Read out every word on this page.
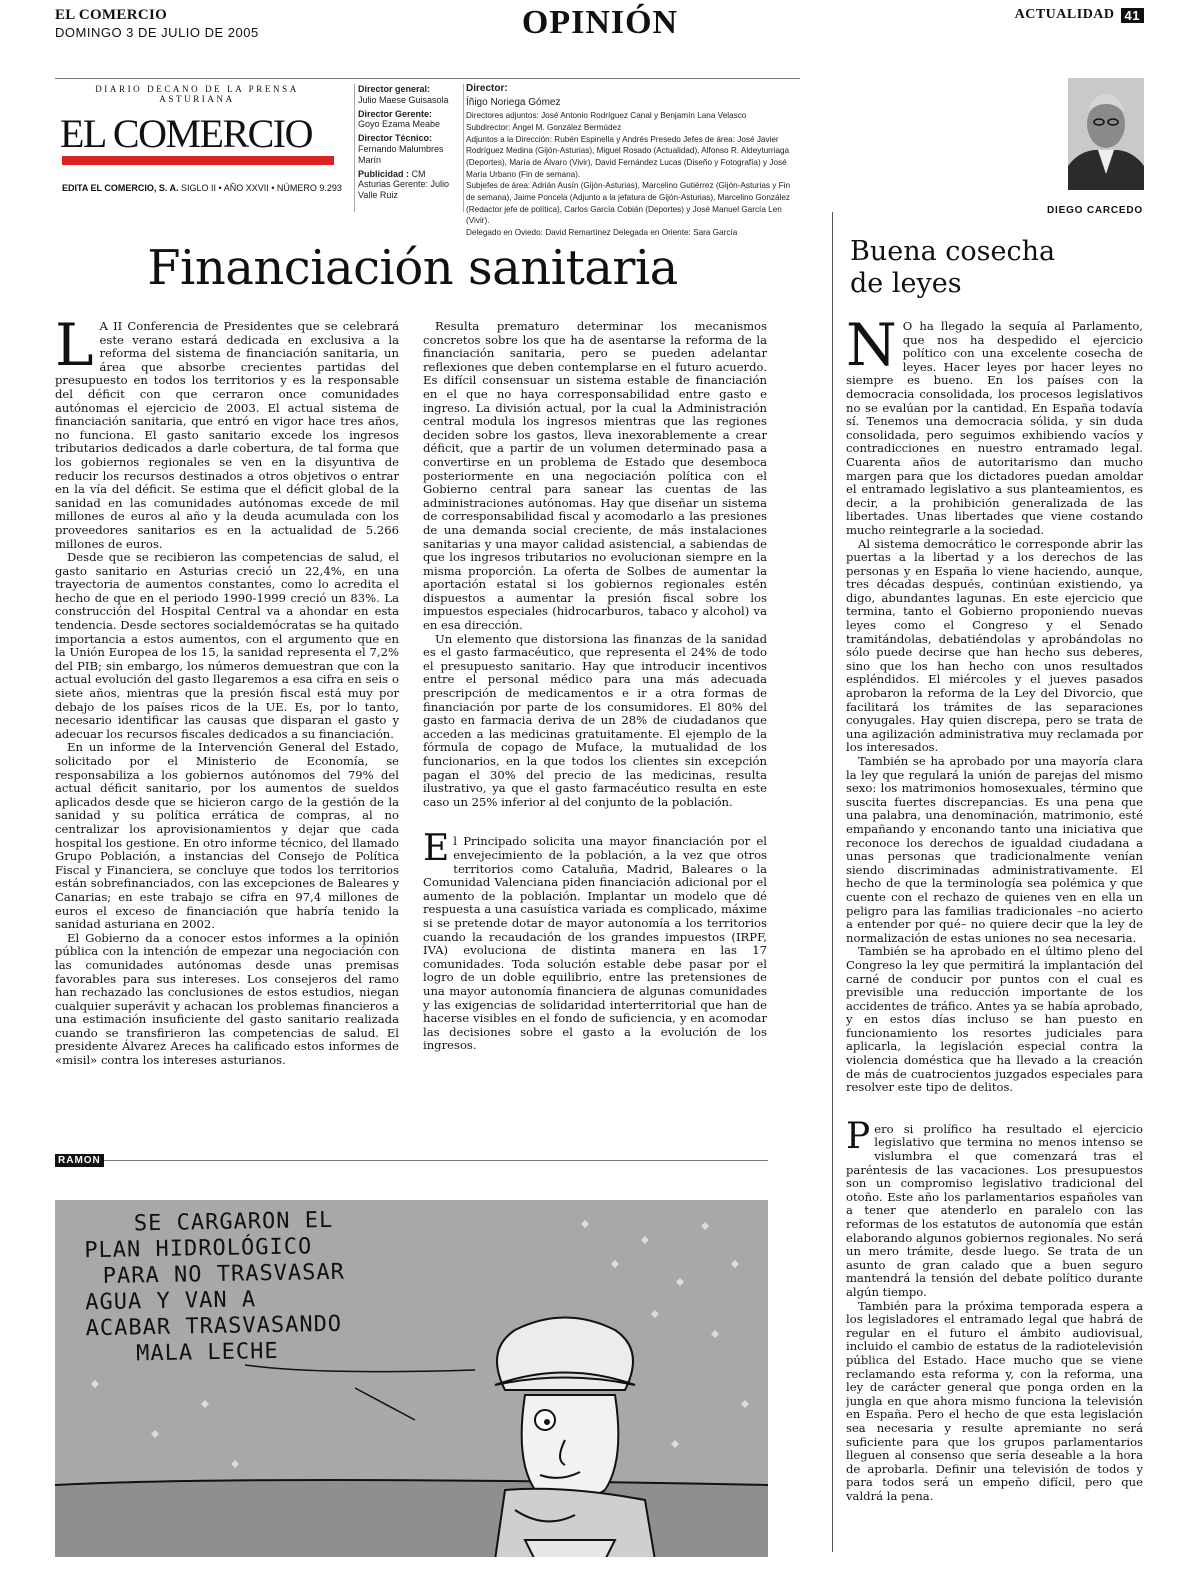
EL COMERCIO
DOMINGO 3 DE JULIO DE 2005	OPINIÓN	ACTUALIDAD 41
DIARIO DECANO DE LA PRENSA ASTURIANA
EL COMERCIO
EDITA EL COMERCIO, S. A. SIGLO II • AÑO XXVII • NÚMERO 9.293
Director general:
Julio Maese Guisasola
Director Gerente:
Goyo Ezama Meabe
Director Técnico:
Fernando Malumbres Marín
Publicidad : CM Asturias Gerente: Julio Valle Ruiz
Director:
Íñigo Noriega Gómez
Directores adjuntos: José Antonio Rodríguez Canal y Benjamín Lana Velasco
Subdirector: Ángel M. González Bermúdez
Adjuntos a la Dirección: Rubén Espinella y Andrés Presedo Jefes de área: José Javier Rodríguez Medina (Gijón-Asturias), Miguel Rosado (Actualidad), Alfonso R. Aldeyturriaga (Deportes), María de Álvaro (Vivir), David Fernández Lucas (Diseño y Fotografía) y José María Urbano (Fin de semana).
Subjefes de área: Adrián Ausín (Gijón-Asturias), Marcelino Gutiérrez (Gijón-Asturias y Fin de semana), Jaime Poncela (Adjunto a la jefatura de Gijón-Asturias), Marcelino González (Redactor jefe de política), Carlos García Cobián (Deportes) y José Manuel García Len (Vivir).
Delegado en Oviedo: David Remartínez Delegada en Oriente: Sara García
DIEGO CARCEDO
Financiación sanitaria

L A II Conferencia de Presidentes que se celebrará este verano estará dedicada en exclusiva a la reforma del sistema de financiación sanitaria, un área que absorbe crecientes partidas del presupuesto en todos los territorios y es la responsable del déficit con que cerraron once comunidades autónomas el ejercicio de 2003. El actual sistema de financiación sanitaria, que entró en vigor hace tres años, no funciona. El gasto sanitario excede los ingresos tributarios dedicados a darle cobertura, de tal forma que los gobiernos regionales se ven en la disyuntiva de reducir los recursos destinados a otros objetivos o entrar en la vía del déficit. Se estima que el déficit global de la sanidad en las comunidades autónomas excede de mil millones de euros al año y la deuda acumulada con los proveedores sanitarios es en la actualidad de 5.266 millones de euros.

Desde que se recibieron las competencias de salud, el gasto sanitario en Asturias creció un 22,4%, en una trayectoria de aumentos constantes, como lo acredita el hecho de que en el periodo 1990-1999 creció un 83%. La construcción del Hospital Central va a ahondar en esta tendencia. Desde sectores socialdemócratas se ha quitado importancia a estos aumentos, con el argumento que en la Unión Europea de los 15, la sanidad representa el 7,2% del PIB; sin embargo, los números demuestran que con la actual evolución del gasto llegaremos a esa cifra en seis o siete años, mientras que la presión fiscal está muy por debajo de los países ricos de la UE. Es, por lo tanto, necesario identificar las causas que disparan el gasto y adecuar los recursos fiscales dedicados a su financiación.

En un informe de la Intervención General del Estado, solicitado por el Ministerio de Economía, se responsabiliza a los gobiernos autónomos del 79% del actual déficit sanitario, por los aumentos de sueldos aplicados desde que se hicieron cargo de la gestión de la sanidad y su política errática de compras, al no centralizar los aprovisionamientos y dejar que cada hospital los gestione. En otro informe técnico, del llamado Grupo Población, a instancias del Consejo de Política Fiscal y Financiera, se concluye que todos los territorios están sobrefinanciados, con las excepciones de Baleares y Canarias; en este trabajo se cifra en 97,4 millones de euros el exceso de financiación que habría tenido la sanidad asturiana en 2002.

El Gobierno da a conocer estos informes a la opinión pública con la intención de empezar una negociación con las comunidades autónomas desde unas premisas favorables para sus intereses. Los consejeros del ramo han rechazado las conclusiones de estos estudios, niegan cualquier superávit y achacan los problemas financieros a una estimación insuficiente del gasto sanitario realizada cuando se transfirieron las competencias de salud. El presidente Álvarez Areces ha calificado estos informes de «misil» contra los intereses asturianos.

Resulta prematuro determinar los mecanismos concretos sobre los que ha de asentarse la reforma de la financiación sanitaria, pero se pueden adelantar reflexiones que deben contemplarse en el futuro acuerdo. Es difícil consensuar un sistema estable de financiación en el que no haya corresponsabilidad entre gasto e ingreso. La división actual, por la cual la Administración central modula los ingresos mientras que las regiones deciden sobre los gastos, lleva inexorablemente a crear déficit, que a partir de un volumen determinado pasa a convertirse en un problema de Estado que desemboca posteriormente en una negociación política con el Gobierno central para sanear las cuentas de las administraciones autónomas. Hay que diseñar un sistema de corresponsabilidad fiscal y acomodarlo a las presiones de una demanda social creciente, de más instalaciones sanitarias y una mayor calidad asistencial, a sabiendas de que los ingresos tributarios no evolucionan siempre en la misma proporción. La oferta de Solbes de aumentar la aportación estatal si los gobiernos regionales estén dispuestos a aumentar la presión fiscal sobre los impuestos especiales (hidrocarburos, tabaco y alcohol) va en esa dirección.

Un elemento que distorsiona las finanzas de la sanidad es el gasto farmacéutico, que representa el 24% de todo el presupuesto sanitario. Hay que introducir incentivos entre el personal médico para una más adecuada prescripción de medicamentos e ir a otra formas de financiación por parte de los consumidores. El 80% del gasto en farmacia deriva de un 28% de ciudadanos que acceden a las medicinas gratuitamente. El ejemplo de la fórmula de copago de Muface, la mutualidad de los funcionarios, en la que todos los clientes sin excepción pagan el 30% del precio de las medicinas, resulta ilustrativo, ya que el gasto farmacéutico resulta en este caso un 25% inferior al del conjunto de la población.

El Principado solicita una mayor financiación por el envejecimiento de la población, a la vez que otros territorios como Cataluña, Madrid, Baleares o la Comunidad Valenciana piden financiación adicional por el aumento de la población. Implantar un modelo que dé respuesta a una casuística variada es complicado, máxime si se pretende dotar de mayor autonomía a los territorios cuando la recaudación de los grandes impuestos (IRPF, IVA) evoluciona de distinta manera en las 17 comunidades. Toda solución estable debe pasar por el logro de un doble equilibrio, entre las pretensiones de una mayor autonomía financiera de algunas comunidades y las exigencias de solidaridad interterritorial que han de hacerse visibles en el fondo de suficiencia, y en acomodar las decisiones sobre el gasto a la evolución de los ingresos.

Buena cosecha
de leyes

N O ha llegado la sequía al Parlamento, que nos ha despedido el ejercicio político con una excelente cosecha de leyes. Hacer leyes por hacer leyes no siempre es bueno. En los países con la democracia consolidada, los procesos legislativos no se evalúan por la cantidad. En España todavía sí. Tenemos una democracia sólida, y sin duda consolidada, pero seguimos exhibiendo vacíos y contradicciones en nuestro entramado legal. Cuarenta años de autoritarismo dan mucho margen para que los dictadores puedan amoldar el entramado legislativo a sus planteamientos, es decir, a la prohibición generalizada de las libertades. Unas libertades que viene costando mucho reintegrarle a la sociedad.

Al sistema democrático le corresponde abrir las puertas a la libertad y a los derechos de las personas y en España lo viene haciendo, aunque, tres décadas después, continúan existiendo, ya digo, abundantes lagunas. En este ejercicio que termina, tanto el Gobierno proponiendo nuevas leyes como el Congreso y el Senado tramitándolas, debatiéndolas y aprobándolas no sólo puede decirse que han hecho sus deberes, sino que los han hecho con unos resultados espléndidos. El miércoles y el jueves pasados aprobaron la reforma de la Ley del Divorcio, que facilitará los trámites de las separaciones conyugales. Hay quien discrepa, pero se trata de una agilización administrativa muy reclamada por los interesados.

También se ha aprobado por una mayoría clara la ley que regulará la unión de parejas del mismo sexo: los matrimonios homosexuales, término que suscita fuertes discrepancias. Es una pena que una palabra, una denominación, matrimonio, esté empañando y enconando tanto una iniciativa que reconoce los derechos de igualdad ciudadana a unas personas que tradicionalmente venían siendo discriminadas administrativamente. El hecho de que la terminología sea polémica y que cuente con el rechazo de quienes ven en ella un peligro para las familias tradicionales –no acierto a entender por qué– no quiere decir que la ley de normalización de estas uniones no sea necesaria.

También se ha aprobado en el último pleno del Congreso la ley que permitirá la implantación del carné de conducir por puntos con el cual es previsible una reducción importante de los accidentes de tráfico. Antes ya se había aprobado, y en estos días incluso se han puesto en funcionamiento los resortes judiciales para aplicarla, la legislación especial contra la violencia doméstica que ha llevado a la creación de más de cuatrocientos juzgados especiales para resolver este tipo de delitos.

Pero si prolífico ha resultado el ejercicio legislativo que termina no menos intenso se vislumbra el que comenzará tras el paréntesis de las vacaciones. Los presupuestos son un compromiso legislativo tradicional del otoño. Este año los parlamentarios españoles van a tener que atenderlo en paralelo con las reformas de los estatutos de autonomía que están elaborando algunos gobiernos regionales. No será un mero trámite, desde luego. Se trata de un asunto de gran calado que a buen seguro mantendrá la tensión del debate político durante algún tiempo.

También para la próxima temporada espera a los legisladores el entramado legal que habrá de regular en el futuro el ámbito audiovisual, incluido el cambio de estatus de la radiotelevisión pública del Estado. Hace mucho que se viene reclamando esta reforma y, con la reforma, una ley de carácter general que ponga orden en la jungla en que ahora mismo funciona la televisión en España. Pero el hecho de que esta legislación sea necesaria y resulte apremiante no será suficiente para que los grupos parlamentarios lleguen al consenso que sería deseable a la hora de aprobarla. Definir una televisión de todos y para todos será un empeño difícil, pero que valdrá la pena.

RAMON
SE CARGARON EL
PLAN HIDROLÓGICO
PARA NO TRASVASAR
AGUA Y VAN A
ACABAR TRASVASANDO
MALA LECHE
